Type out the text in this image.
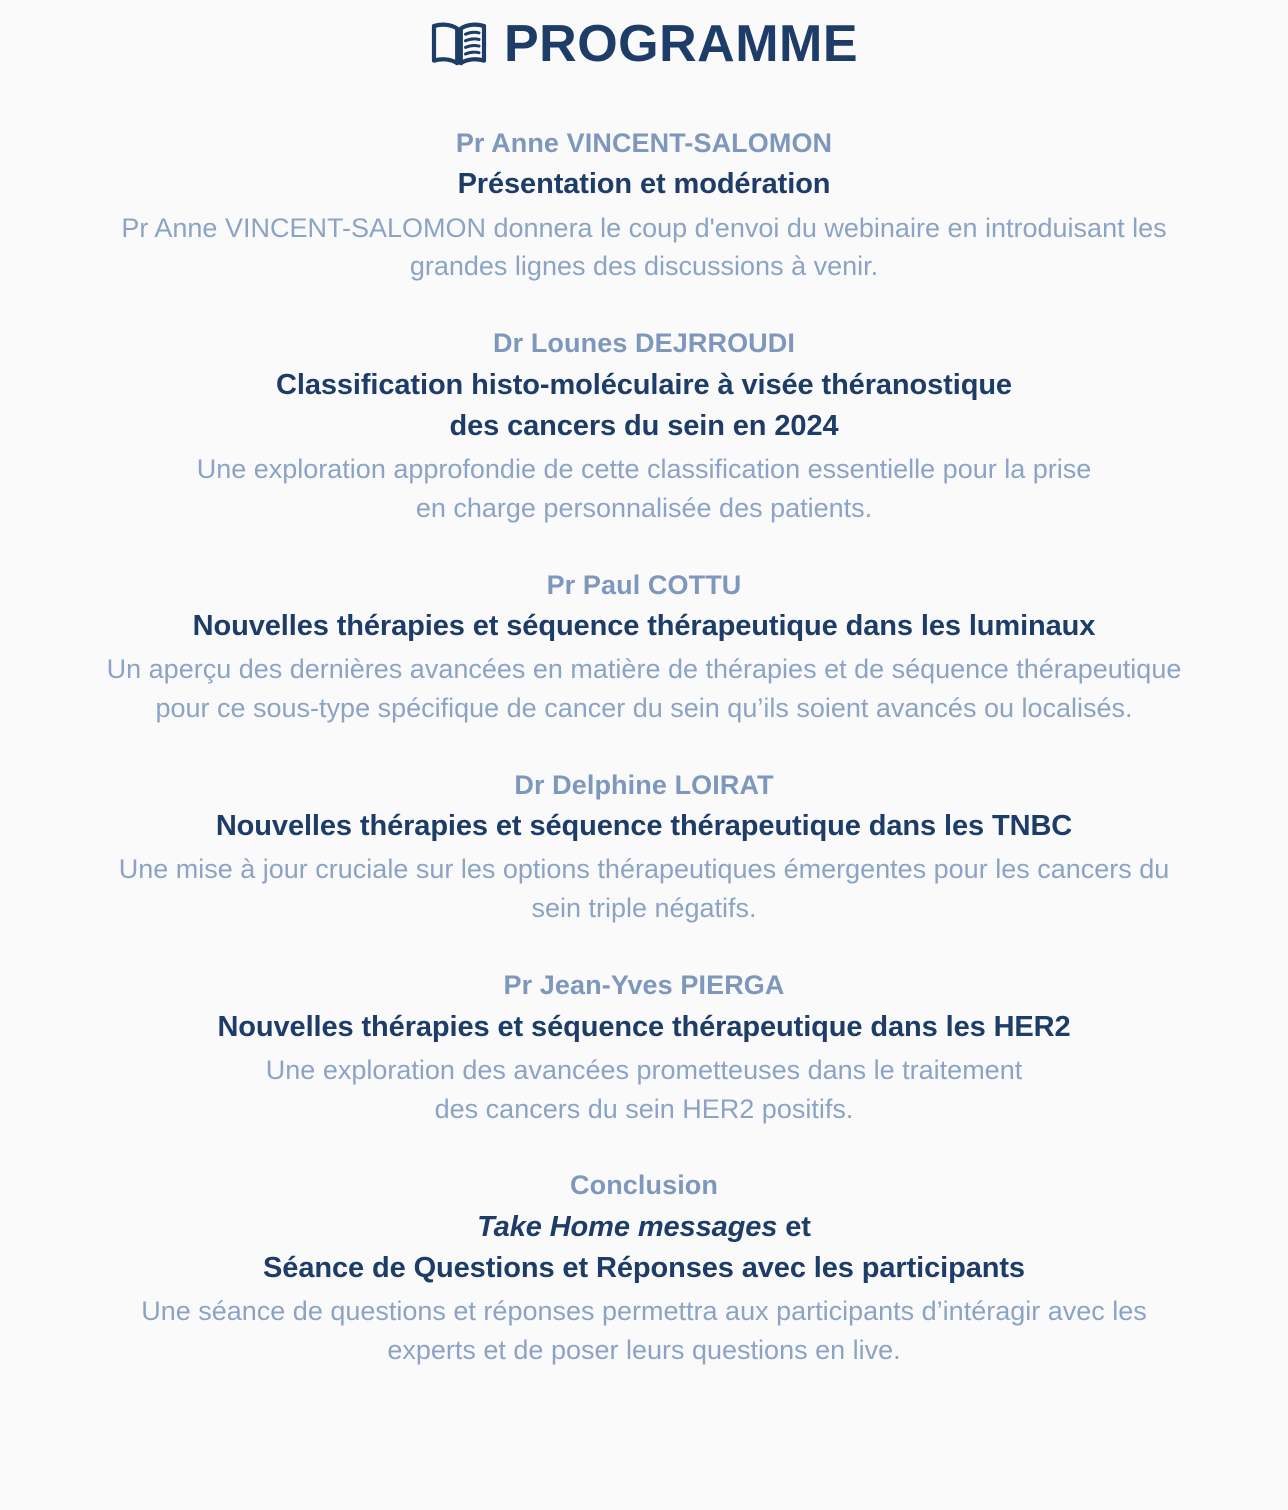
PROGRAMME
Pr Anne VINCENT-SALOMON
Présentation et modération
Pr Anne VINCENT-SALOMON donnera le coup d'envoi du webinaire en introduisant les
grandes lignes des discussions à venir.
Dr Lounes DEJRROUDI
Classification histo-moléculaire à visée théranostique
des cancers du sein en 2024
Une exploration approfondie de cette classification essentielle pour la prise
en charge personnalisée des patients.
Pr Paul COTTU
Nouvelles thérapies et séquence thérapeutique dans les luminaux
Un aperçu des dernières avancées en matière de thérapies et de séquence thérapeutique
pour ce sous-type spécifique de cancer du sein qu’ils soient avancés ou localisés.
Dr Delphine LOIRAT
Nouvelles thérapies et séquence thérapeutique dans les TNBC
Une mise à jour cruciale sur les options thérapeutiques émergentes pour les cancers du
sein triple négatifs.
Pr Jean-Yves PIERGA
Nouvelles thérapies et séquence thérapeutique dans les HER2
Une exploration des avancées prometteuses dans le traitement
des cancers du sein HER2 positifs.
Conclusion
Take Home messages et
Séance de Questions et Réponses avec les participants
Une séance de questions et réponses permettra aux participants d’intéragir avec les
experts et de poser leurs questions en live.
